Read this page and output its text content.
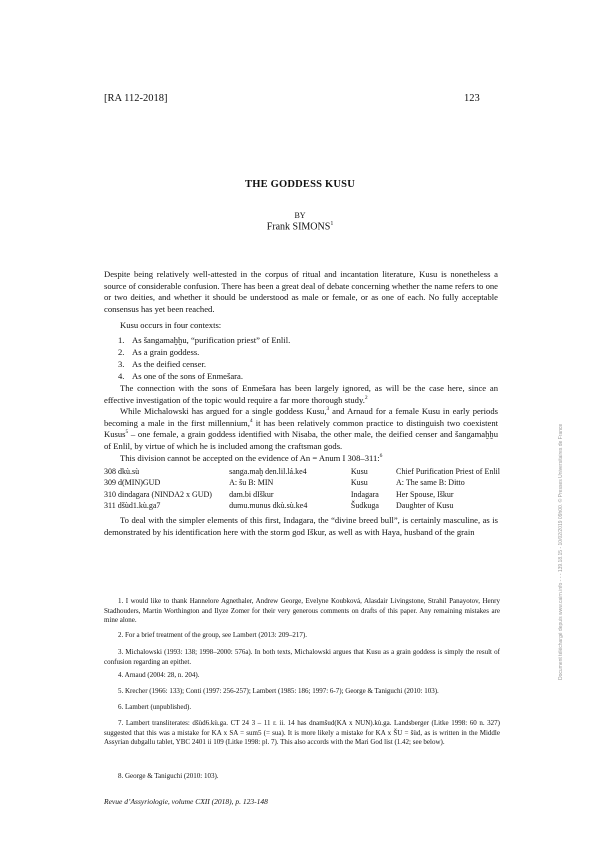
[RA 112-2018]	123
THE GODDESS KUSU
BY
Frank SIMONS$^1$

Despite being relatively well-attested in the corpus of ritual and incantation literature, Kusu is nonetheless a source of considerable confusion. There has been a great deal of debate concerning whether the name refers to one or two deities, and whether it should be understood as male or female, or as one of each. No fully acceptable consensus has yet been reached.

Kusu occurs in four contexts:

1. As šangamaḫḫu, “purification priest” of Enlil.
2. As a grain goddess.
3. As the deified censer.
4. As one of the sons of Enmešara.

The connection with the sons of Enmešara has been largely ignored, as will be the case here, since an effective investigation of the topic would require a far more thorough study.$^2$

While Michalowski has argued for a single goddess Kusu,$^3$ and Arnaud for a female Kusu in early periods becoming a male in the first millennium,$^4$ it has been relatively common practice to distinguish two coexistent Kusus$^5$ – one female, a grain goddess identified with Nisaba, the other male, the deified censer and šangamaḫḫu of Enlil, by virtue of which he is included among the craftsman gods.

This division cannot be accepted on the evidence of An = Anum I 308–311:$^6$

308 dkù.sù	sanga.maḫ den.lil.lá.ke4	Kusu	Chief Purification Priest of Enlil
309 d(MIN)GUD	A: šu B: MIN	Kusu	A: The same B: Ditto
310 dindagara (NINDA2 x GUD)	dam.bi dIškur	Indagara	Her Spouse, Iškur
311 dšùd1.kù.ga7	dumu.munus dkù.sù.ke4	Šudkuga	Daughter of Kusu

To deal with the simpler elements of this first, Indagara, the “divine breed bull”, is certainly masculine, as is demonstrated by his identification here with the storm god Iškur, as well as with Haya, husband of the grain

1. I would like to thank Hannelore Agnethaler, Andrew George, Evelyne Koubková, Alasdair Livingstone, Strahil Panayotov, Henry Stadhouders, Martin Worthington and Ilyze Zomer for their very generous comments on drafts of this paper. Any remaining mistakes are mine alone.

2. For a brief treatment of the group, see Lambert (2013: 209–217).

3. Michalowski (1993: 138; 1998–2000: 576a). In both texts, Michalowski argues that Kusu as a grain goddess is simply the result of confusion regarding an epithet.

4. Arnaud (2004: 28, n. 204).

5. Krecher (1966: 133); Conti (1997: 256-257); Lambert (1985: 186; 1997: 6-7); George & Taniguchi (2010: 103).

6. Lambert (unpublished).

7. Lambert transliterates: dšùd6.kù.ga. CT 24 3 – 11 r. ii. 14 has dnamšud(KA x NUN).kù.ga. Landsberger (Litke 1998: 60 n. 327) suggested that this was a mistake for KA x SA = sum5 (= sua). It is more likely a mistake for KA x ŠU = šùd, as is written in the Middle Assyrian dubgallu tablet, YBC 2401 ii 109 (Litke 1998: pl. 7). This also accords with the Mari God list (1.42; see below).

8. George & Taniguchi (2010: 103).

Revue d’Assyriologie, volume CXII (2018), p. 123-148
Document téléchargé depuis www.cairn.info - - - 139.18.15 - 10/02/2019 09h00. © Presses Universitaires de France
